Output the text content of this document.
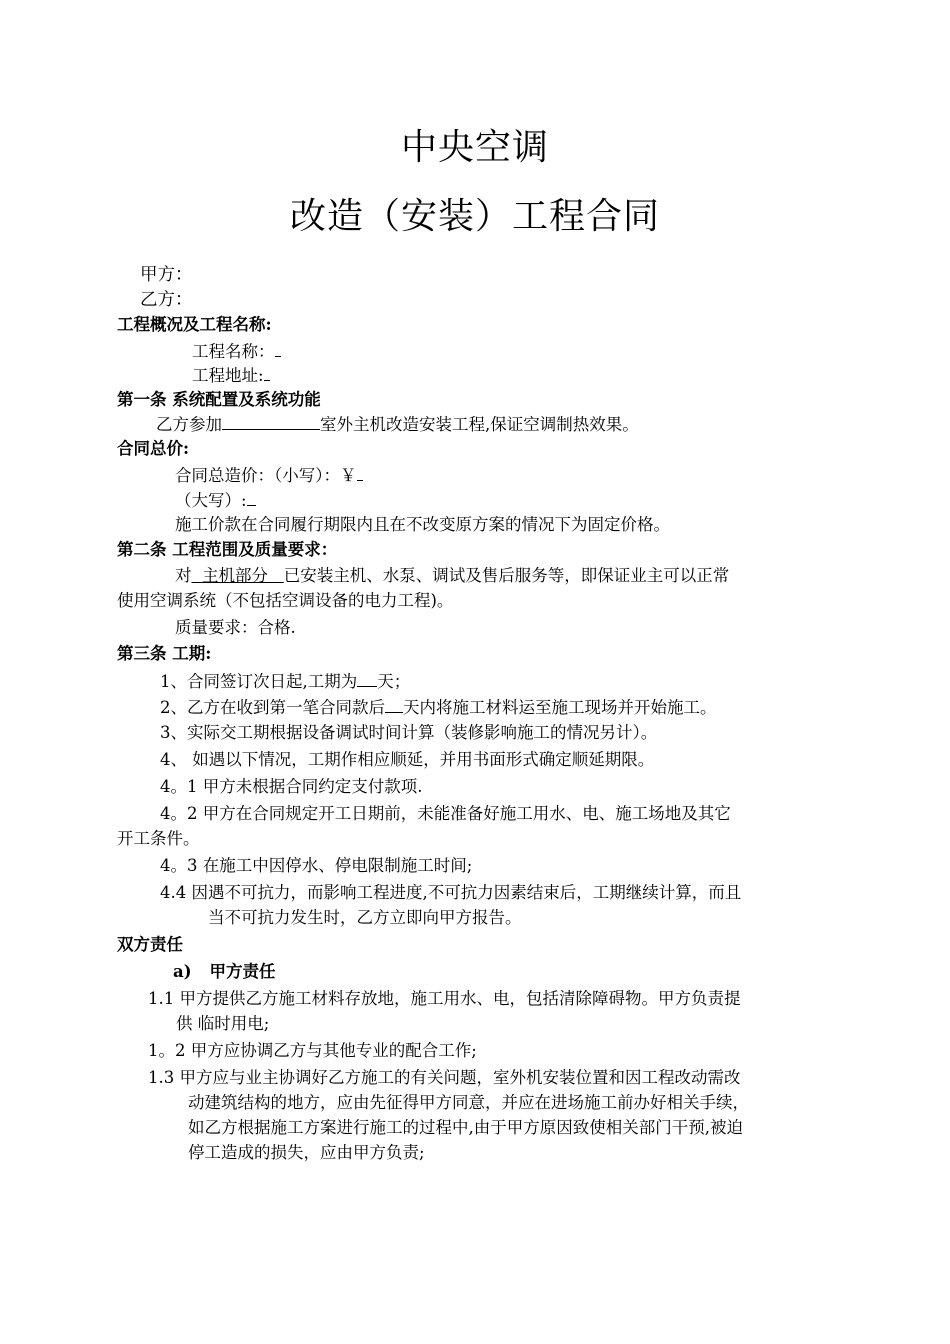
中央空调
改造（安装）工程合同
甲方：
乙方：
工程概况及工程名称:
工程名称：
工程地址:
第一条 系统配置及系统功能
乙方参加	室外主机改造安装工程,保证空调制热效果。
合同总价:
合同总造价：（小写）：￥
（大写）:
施工价款在合同履行期限内且在不改变原方案的情况下为固定价格。
第二条 工程范围及质量要求：
对  主机部分   已安装主机、水泵、调试及售后服务等，即保证业主可以正常
使用空调系统（不包括空调设备的电力工程)。
质量要求：合格.
第三条 工期:
1、合同签订次日起,工期为 天；
2、乙方在收到第一笔合同款后 天内将施工材料运至施工现场并开始施工。
3、实际交工期根据设备调试时间计算（装修影响施工的情况另计）。
4、 如遇以下情况，工期作相应顺延，并用书面形式确定顺延期限。
4。1 甲方未根据合同约定支付款项.
4。2 甲方在合同规定开工日期前，未能准备好施工用水、电、施工场地及其它
开工条件。
4。3 在施工中因停水、停电限制施工时间;
4.4 因遇不可抗力，而影响工程进度,不可抗力因素结束后，工期继续计算，而且
当不可抗力发生时，乙方立即向甲方报告。
双方责任
a) 甲方责任
1.1 甲方提供乙方施工材料存放地，施工用水、电，包括清除障碍物。甲方负责提
供 临时用电;
1。2 甲方应协调乙方与其他专业的配合工作;
1.3 甲方应与业主协调好乙方施工的有关问题，室外机安装位置和因工程改动需改
动建筑结构的地方，应由先征得甲方同意，并应在进场施工前办好相关手续，
如乙方根据施工方案进行施工的过程中,由于甲方原因致使相关部门干预,被迫
停工造成的损失，应由甲方负责;
